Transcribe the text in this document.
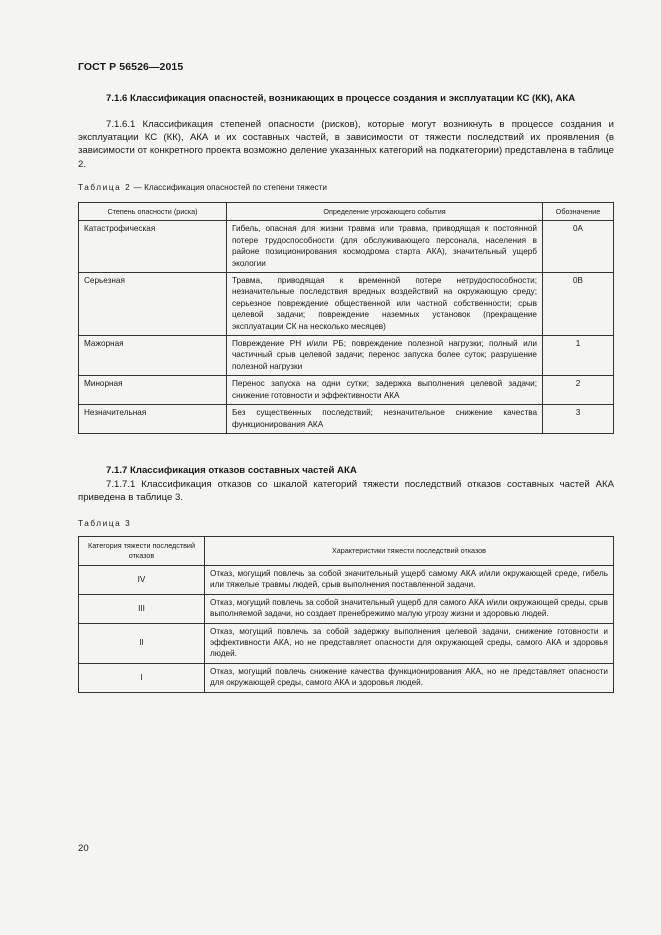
ГОСТ Р 56526—2015
7.1.6 Классификация опасностей, возникающих в процессе создания и эксплуатации КС (КК), АКА
7.1.6.1 Классификация степеней опасности (рисков), которые могут возникнуть в процессе создания и эксплуатации КС (КК), АКА и их составных частей, в зависимости от тяжести последствий их проявления (в зависимости от конкретного проекта возможно деление указанных категорий на подкатегории) представлена в таблице 2.
Таблица 2 — Классификация опасностей по степени тяжести
Степень опасности (риска)	Определение угрожающего события	Обозначение
Катастрофическая	Гибель, опасная для жизни травма или травма, приводящая к постоянной потере трудоспособности (для обслуживающего персонала, населения в районе позиционирования космодрома старта АКА), значительный ущерб экологии	0А
Серьезная	Травма, приводящая к временной потере нетрудоспособности; незначительные последствия вредных воздействий на окружающую среду; серьезное повреждение общественной или частной собственности; срыв целевой задачи; повреждение наземных установок (прекращение эксплуатации СК на несколько месяцев)	0В
Мажорная	Повреждение РН и/или РБ; повреждение полезной нагрузки; полный или частичный срыв целевой задачи; перенос запуска более суток; разрушение полезной нагрузки	1
Минорная	Перенос запуска на одни сутки; задержка выполнения целевой задачи; снижение готовности и эффективности АКА	2
Незначительная	Без существенных последствий; незначительное снижение качества функционирования АКА	3
7.1.7 Классификация отказов составных частей АКА
7.1.7.1 Классификация отказов со шкалой категорий тяжести последствий отказов составных частей АКА приведена в таблице 3.
Таблица 3
Категория тяжести последствий отказов	Характеристики тяжести последствий отказов
IV	Отказ, могущий повлечь за собой значительный ущерб самому АКА и/или окружающей среде, гибель или тяжелые травмы людей, срыв выполнения поставленной задачи.
III	Отказ, могущий повлечь за собой значительный ущерб для самого АКА и/или окружающей среды, срыв выполняемой задачи, но создает пренебрежимо малую угрозу жизни и здоровью людей.
II	Отказ, могущий повлечь за собой задержку выполнения целевой задачи, снижение готовности и эффективности АКА, но не представляет опасности для окружающей среды, самого АКА и здоровья людей.
I	Отказ, могущий повлечь снижение качества функционирования АКА, но не представляет опасности для окружающей среды, самого АКА и здоровья людей.
20
